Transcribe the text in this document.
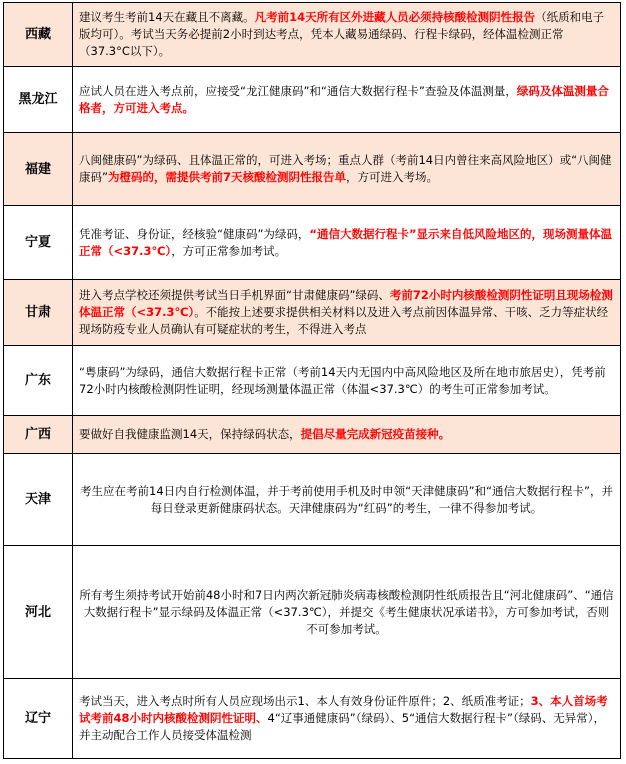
西藏	建议考生考前14天在藏且不离藏。凡考前14天所有区外进藏人员必须持核酸检测阴性报告（纸质和电子版均可）。考试当天务必提前2小时到达考点，凭本人藏易通绿码、行程卡绿码，经体温检测正常（37.3°C以下）。
黑龙江	应试人员在进入考点前，应接受“龙江健康码”和“通信大数据行程卡”查验及体温测量，绿码及体温测量合格者，方可进入考点。
福建	八闽健康码”为绿码、且体温正常的，可进入考场；重点人群（考前14日内曾往来高风险地区）或“八闽健康码”为橙码的，需提供考前7天核酸检测阴性报告单，方可进入考场。
宁夏	凭准考证、身份证，经核验“健康码”为绿码，“通信大数据行程卡”显示来自低风险地区的，现场测量体温正常（<37.3℃），方可正常参加考试。
甘肃	进入考点学校还须提供考试当日手机界面“甘肃健康码”绿码、考前72小时内核酸检测阴性证明且现场检测体温正常（<37.3℃）。不能按上述要求提供相关材料以及进入考点前因体温异常、干咳、乏力等症状经现场防疫专业人员确认有可疑症状的考生，不得进入考点

广东	“粤康码”为绿码，通信大数据行程卡正常（考前14天内无国内中高风险地区及所在地市旅居史），凭考前72小时内核酸检测阴性证明，经现场测量体温正常（体温<37.3℃）的考生可正常参加考试。
广西	要做好自我健康监测14天，保持绿码状态，提倡尽量完成新冠疫苗接种。
天津	考生应在考前14日内自行检测体温，并于考前使用手机及时申领“天津健康码”和“通信大数据行程卡”，并每日登录更新健康码状态。天津健康码为“红码”的考生，一律不得参加考试。
河北	所有考生须持考试开始前48小时和7日内两次新冠肺炎病毒核酸检测阴性纸质报告且“河北健康码”、“通信大数据行程卡”显示绿码及体温正常（<37.3℃），并提交《考生健康状况承诺书》，方可参加考试，否则不可参加考试。
辽宁	考试当天，进入考点时所有人员应现场出示1、本人有效身份证件原件；2、纸质准考证；3、本人首场考试考前48小时内核酸检测阴性证明、4“辽事通健康码”（绿码）、5“通信大数据行程卡”（绿码、无异常），并主动配合工作人员接受体温检测
